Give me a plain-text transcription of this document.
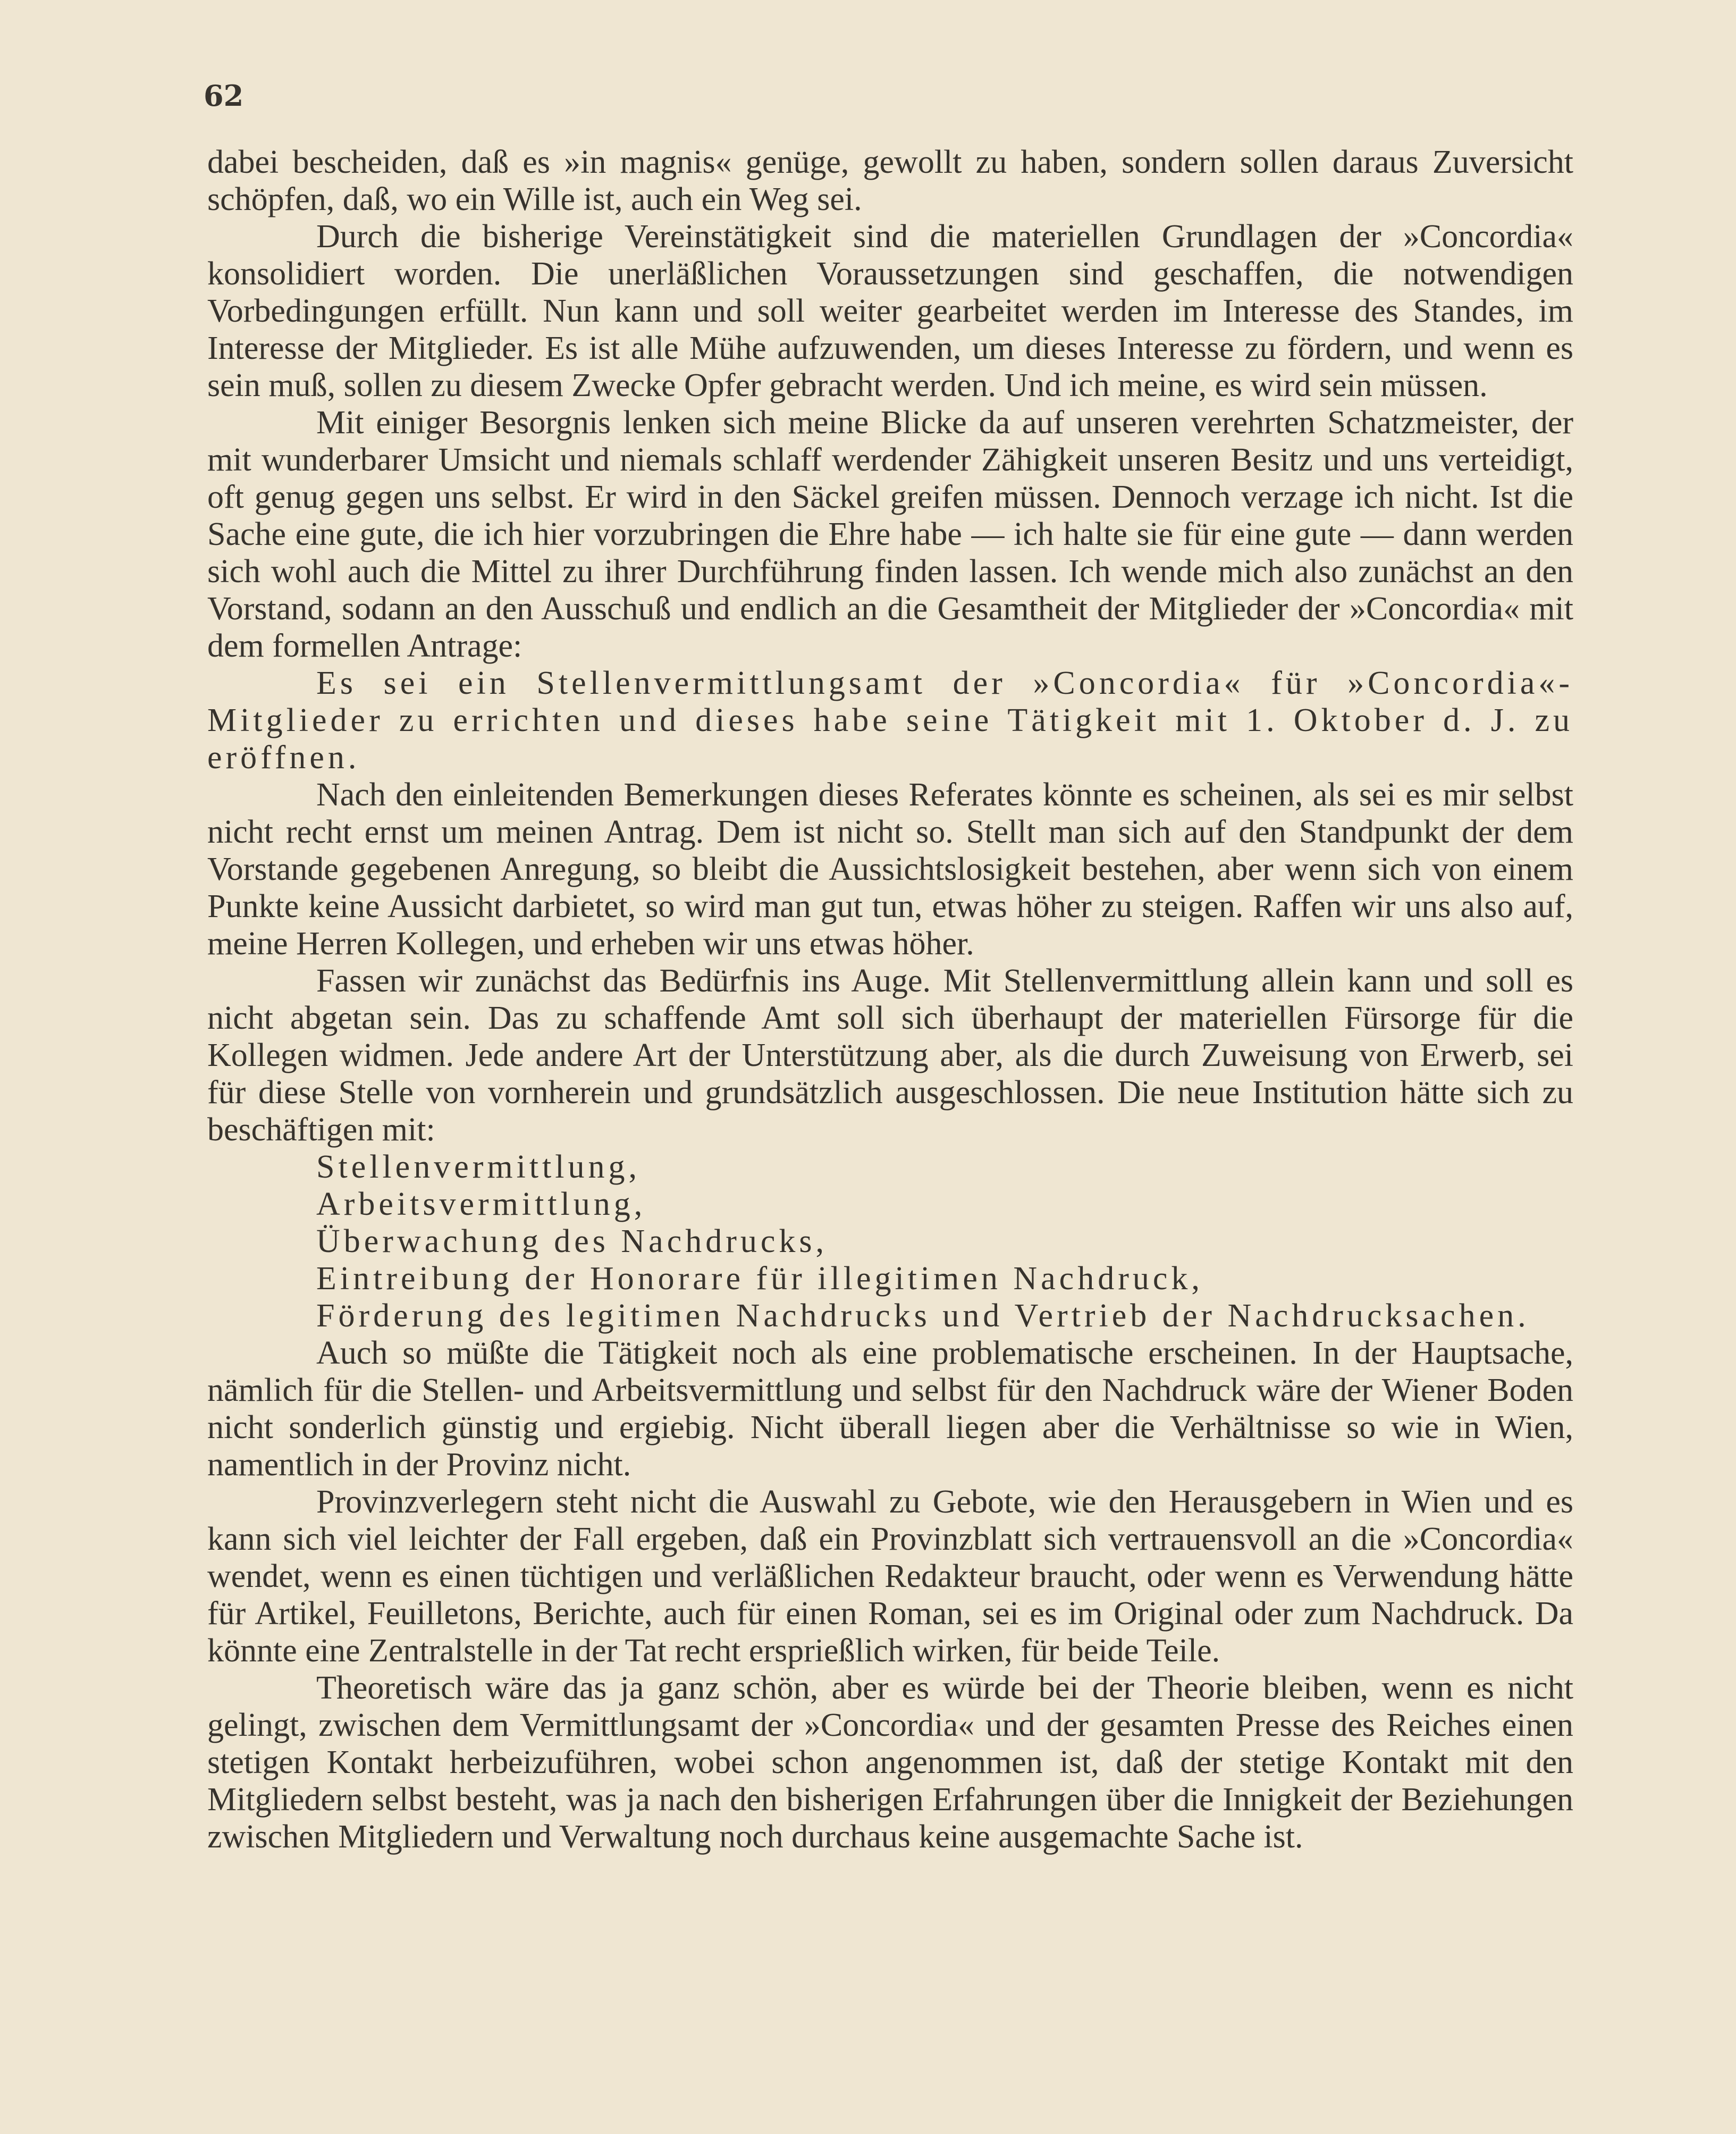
62

dabei bescheiden, daß es »in magnis« genüge, gewollt zu haben, sondern sollen daraus Zuversicht schöpfen, daß, wo ein Wille ist, auch ein Weg sei.

Durch die bisherige Vereinstätigkeit sind die materiellen Grundlagen der »Concordia« konsolidiert worden. Die unerläßlichen Voraussetzungen sind geschaffen, die notwendigen Vorbedingungen erfüllt. Nun kann und soll weiter gearbeitet werden im Interesse des Standes, im Interesse der Mitglieder. Es ist alle Mühe aufzuwenden, um dieses Interesse zu fördern, und wenn es sein muß, sollen zu diesem Zwecke Opfer gebracht werden. Und ich meine, es wird sein müssen.

Mit einiger Besorgnis lenken sich meine Blicke da auf unseren verehrten Schatzmeister, der mit wunderbarer Umsicht und niemals schlaff werdender Zähigkeit unseren Besitz und uns verteidigt, oft genug gegen uns selbst. Er wird in den Säckel greifen müssen. Dennoch verzage ich nicht. Ist die Sache eine gute, die ich hier vorzubringen die Ehre habe — ich halte sie für eine gute — dann werden sich wohl auch die Mittel zu ihrer Durchführung finden lassen. Ich wende mich also zunächst an den Vorstand, sodann an den Ausschuß und endlich an die Gesamtheit der Mitglieder der »Concordia« mit dem formellen Antrage:

Es sei ein Stellenvermittlungsamt der »Concordia« für »Concordia«-Mitglieder zu errichten und dieses habe seine Tätigkeit mit 1. Oktober d. J. zu eröffnen.

Nach den einleitenden Bemerkungen dieses Referates könnte es scheinen, als sei es mir selbst nicht recht ernst um meinen Antrag. Dem ist nicht so. Stellt man sich auf den Standpunkt der dem Vorstande gegebenen Anregung, so bleibt die Aussichtslosigkeit bestehen, aber wenn sich von einem Punkte keine Aussicht darbietet, so wird man gut tun, etwas höher zu steigen. Raffen wir uns also auf, meine Herren Kollegen, und erheben wir uns etwas höher.

Fassen wir zunächst das Bedürfnis ins Auge. Mit Stellenvermittlung allein kann und soll es nicht abgetan sein. Das zu schaffende Amt soll sich überhaupt der materiellen Fürsorge für die Kollegen widmen. Jede andere Art der Unterstützung aber, als die durch Zuweisung von Erwerb, sei für diese Stelle von vornherein und grundsätzlich ausgeschlossen. Die neue Institution hätte sich zu beschäftigen mit:

Stellenvermittlung,
Arbeitsvermittlung,
Überwachung des Nachdrucks,
Eintreibung der Honorare für illegitimen Nachdruck,
Förderung des legitimen Nachdrucks und Vertrieb der Nachdrucksachen.

Auch so müßte die Tätigkeit noch als eine problematische erscheinen. In der Hauptsache, nämlich für die Stellen- und Arbeitsvermittlung und selbst für den Nachdruck wäre der Wiener Boden nicht sonderlich günstig und ergiebig. Nicht überall liegen aber die Verhältnisse so wie in Wien, namentlich in der Provinz nicht.

Provinzverlegern steht nicht die Auswahl zu Gebote, wie den Herausgebern in Wien und es kann sich viel leichter der Fall ergeben, daß ein Provinzblatt sich vertrauensvoll an die »Concordia« wendet, wenn es einen tüchtigen und verläßlichen Redakteur braucht, oder wenn es Verwendung hätte für Artikel, Feuilletons, Berichte, auch für einen Roman, sei es im Original oder zum Nachdruck. Da könnte eine Zentralstelle in der Tat recht ersprießlich wirken, für beide Teile.

Theoretisch wäre das ja ganz schön, aber es würde bei der Theorie bleiben, wenn es nicht gelingt, zwischen dem Vermittlungsamt der »Concordia« und der gesamten Presse des Reiches einen stetigen Kontakt herbeizuführen, wobei schon angenommen ist, daß der stetige Kontakt mit den Mitgliedern selbst besteht, was ja nach den bisherigen Erfahrungen über die Innigkeit der Beziehungen zwischen Mitgliedern und Verwaltung noch durchaus keine ausgemachte Sache ist.
